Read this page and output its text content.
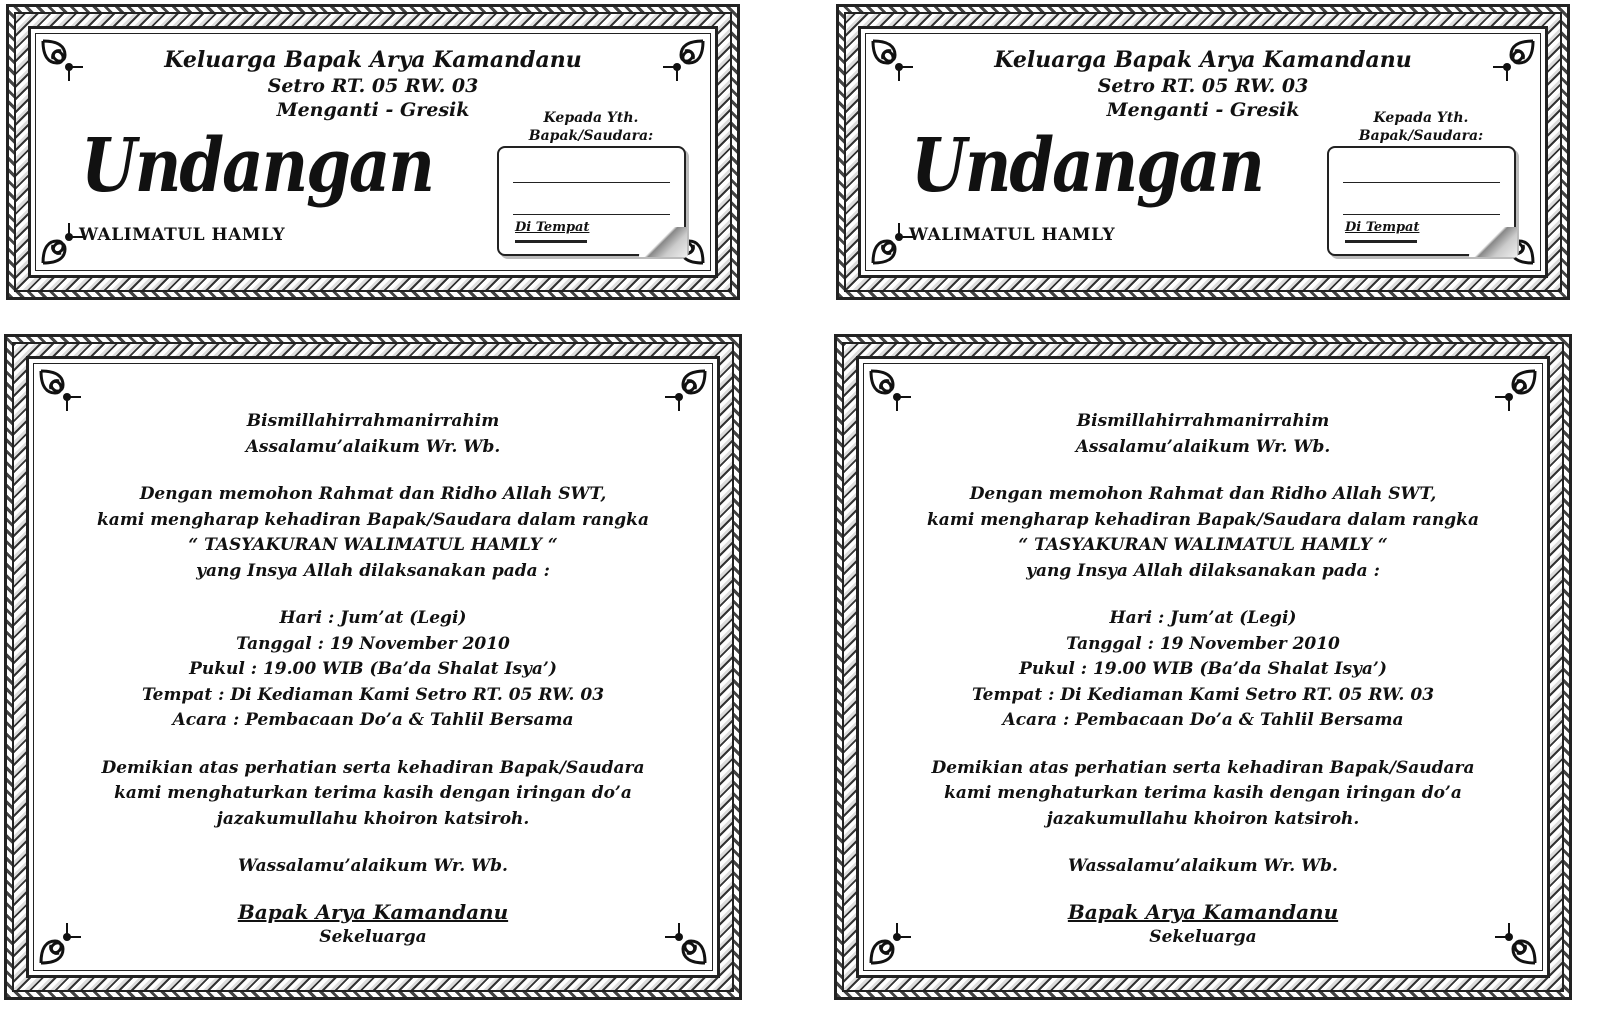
Keluarga Bapak Arya Kamandanu
Setro RT. 05 RW. 03
Menganti - Gresik
Undangan
WALIMATUL HAMLY
Kepada Yth.
Bapak/Saudara:
Di Tempat
Keluarga Bapak Arya Kamandanu
Setro RT. 05 RW. 03
Menganti - Gresik
Undangan
WALIMATUL HAMLY
Kepada Yth.
Bapak/Saudara:
Di Tempat

Bismillahirrahmanirrahim

Assalamu’alaikum Wr. Wb.

Dengan memohon Rahmat dan Ridho Allah SWT,

kami mengharap kehadiran Bapak/Saudara dalam rangka

“ TASYAKURAN WALIMATUL HAMLY “

yang Insya Allah dilaksanakan pada :

Hari : Jum’at (Legi)

Tanggal : 19 November 2010

Pukul : 19.00 WIB (Ba’da Shalat Isya’)

Tempat : Di Kediaman Kami Setro RT. 05 RW. 03

Acara : Pembacaan Do’a & Tahlil Bersama

Demikian atas perhatian serta kehadiran Bapak/Saudara

kami menghaturkan terima kasih dengan iringan do’a

jazakumullahu khoiron katsiroh.

Wassalamu’alaikum Wr. Wb.

Bapak Arya Kamandanu

Sekeluarga

Bismillahirrahmanirrahim

Assalamu’alaikum Wr. Wb.

Dengan memohon Rahmat dan Ridho Allah SWT,

kami mengharap kehadiran Bapak/Saudara dalam rangka

“ TASYAKURAN WALIMATUL HAMLY “

yang Insya Allah dilaksanakan pada :

Hari : Jum’at (Legi)

Tanggal : 19 November 2010

Pukul : 19.00 WIB (Ba’da Shalat Isya’)

Tempat : Di Kediaman Kami Setro RT. 05 RW. 03

Acara : Pembacaan Do’a & Tahlil Bersama

Demikian atas perhatian serta kehadiran Bapak/Saudara

kami menghaturkan terima kasih dengan iringan do’a

jazakumullahu khoiron katsiroh.

Wassalamu’alaikum Wr. Wb.

Bapak Arya Kamandanu

Sekeluarga
